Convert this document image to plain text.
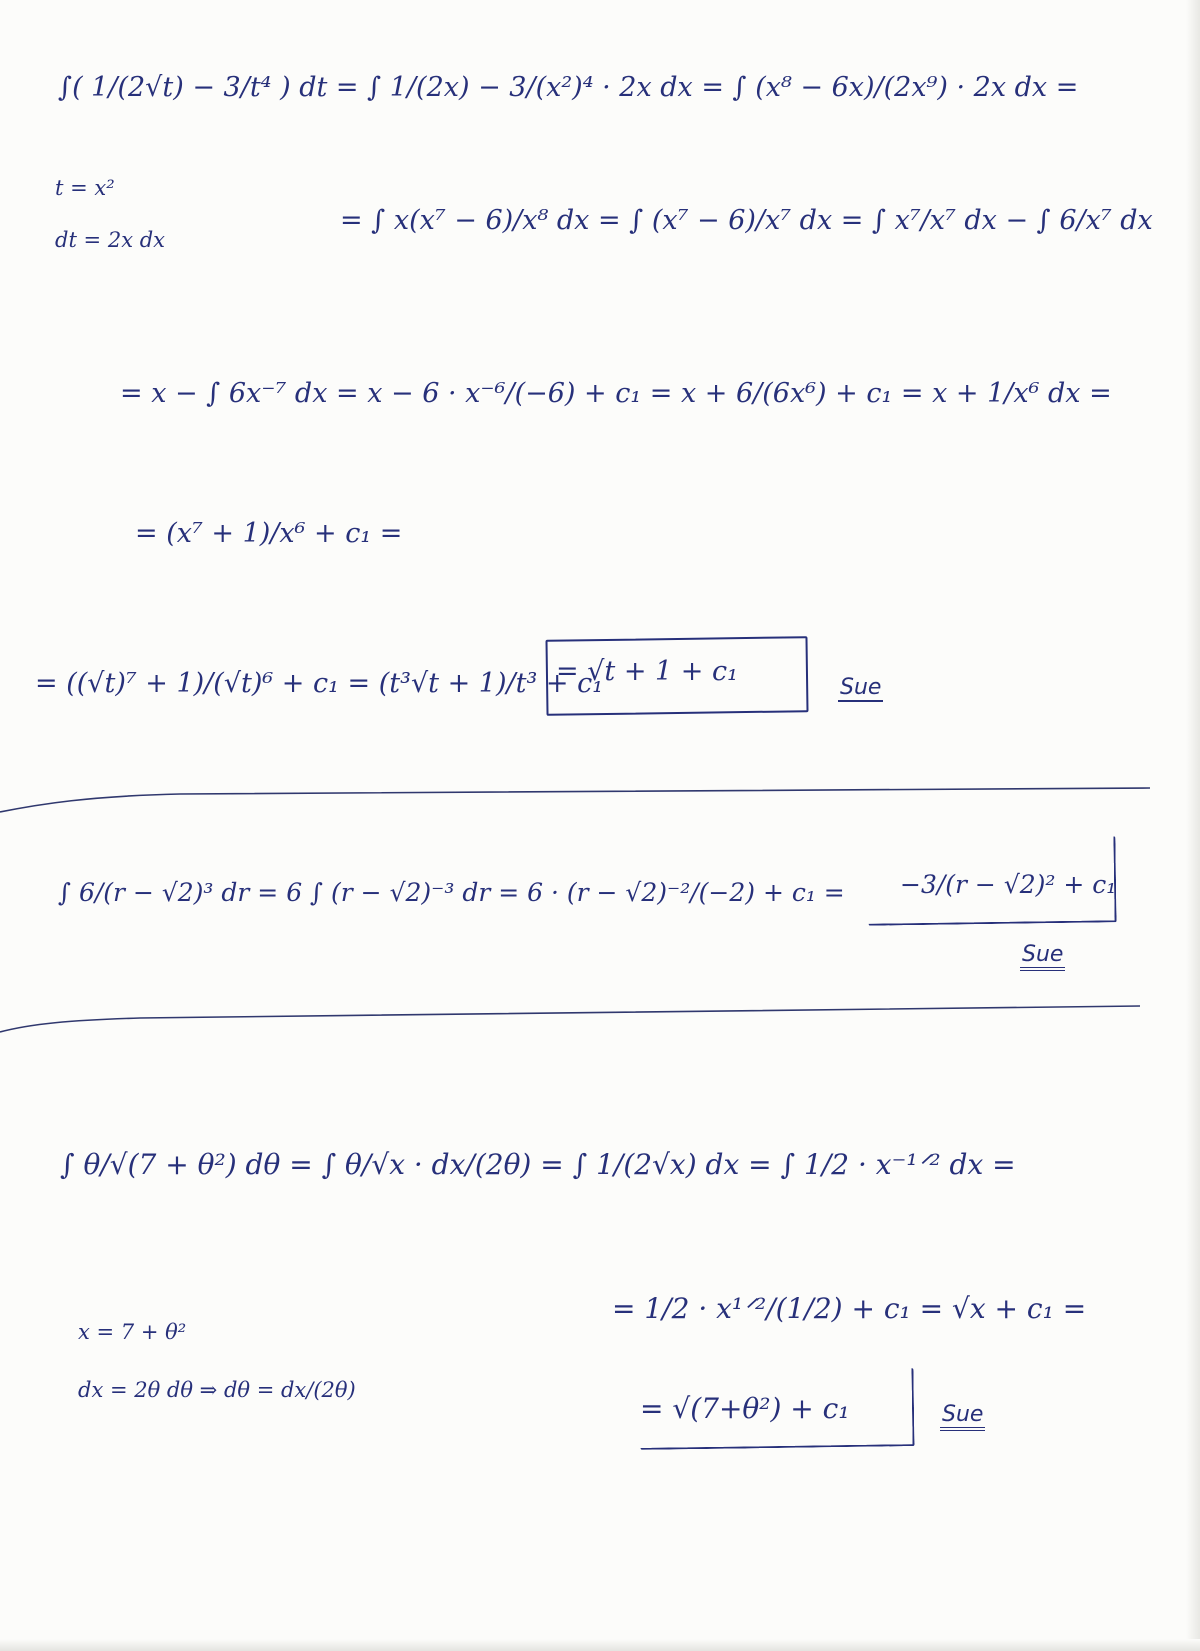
∫( 1/(2√t) − 3/t⁴ ) dt = ∫ 1/(2x) − 3/(x²)⁴ · 2x dx = ∫ (x⁸ − 6x)/(2x⁹) · 2x dx =
t = x²
dt = 2x dx
= ∫ x(x⁷ − 6)/x⁸ dx = ∫ (x⁷ − 6)/x⁷ dx = ∫ x⁷/x⁷ dx − ∫ 6/x⁷ dx
= x − ∫ 6x⁻⁷ dx = x − 6 · x⁻⁶/(−6) + c₁ = x + 6/(6x⁶) + c₁ = x + 1/x⁶ dx =
= (x⁷ + 1)/x⁶ + c₁ =
= ((√t)⁷ + 1)/(√t)⁶ + c₁ = (t³√t + 1)/t³ + c₁
= √t + 1 + c₁
Sue
∫ 6/(r − √2)³ dr = 6 ∫ (r − √2)⁻³ dr = 6 · (r − √2)⁻²/(−2) + c₁ = −3/(r − √2)² + c₁
Sue
∫ θ/√(7 + θ²) dθ = ∫ θ/√x · dx/(2θ) = ∫ 1/(2√x) dx = ∫ 1/2 · x⁻¹ᐟ² dx =
= 1/2 · x¹ᐟ²/(1/2) + c₁ = √x + c₁ =
x = 7 + θ²
dx = 2θ dθ ⇒ dθ = dx/(2θ)
= √(7+θ²) + c₁	Sue
